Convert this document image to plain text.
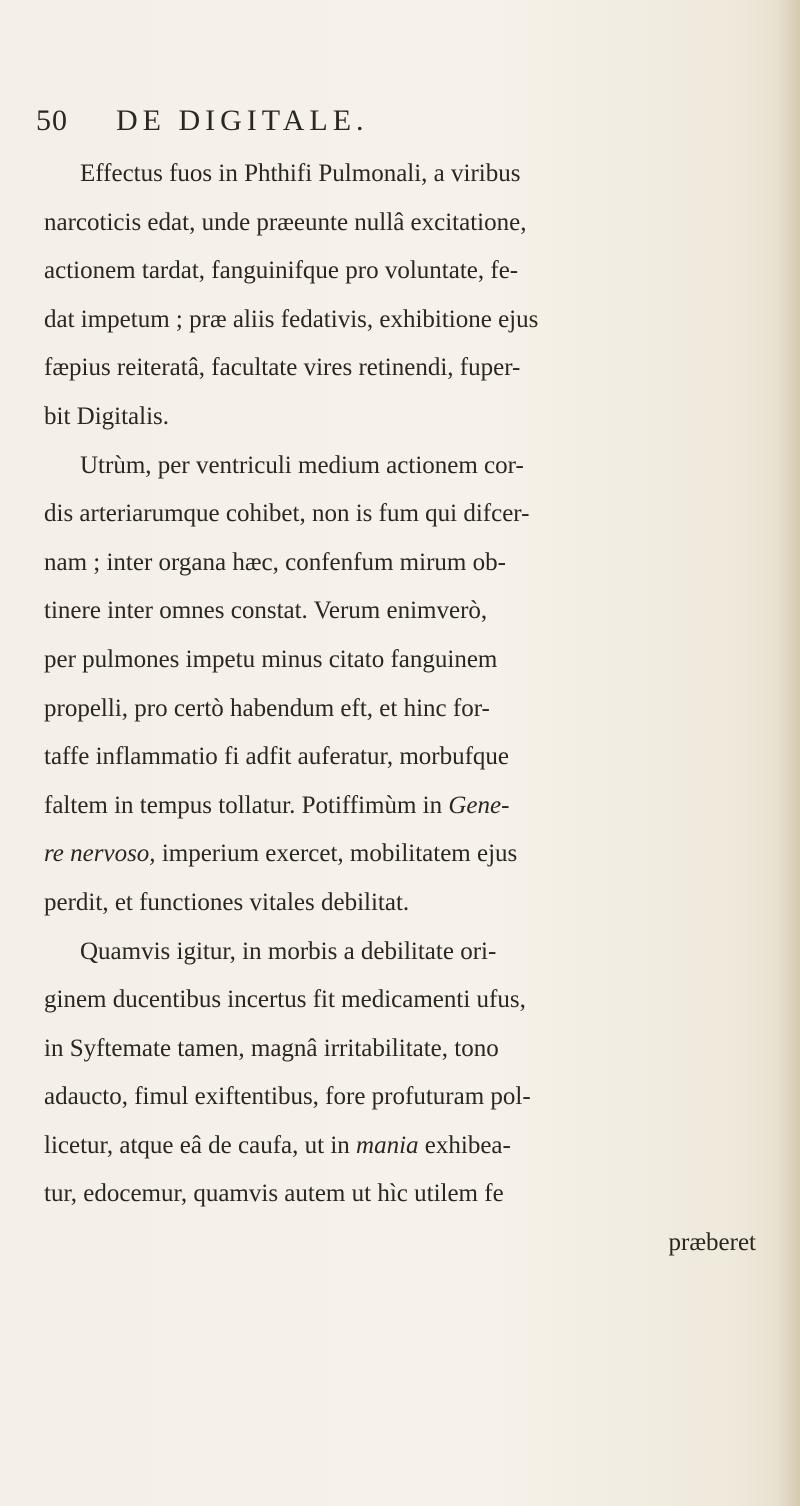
50 DE DIGITALE.
Effectus fuos in Phthifi Pulmonali, a viribus
narcoticis edat, unde præeunte nullâ excitatione,
actionem tardat, fanguinifque pro voluntate, fe-
dat impetum ; præ aliis fedativis, exhibitione ejus
fæpius reiteratâ, facultate vires retinendi, fuper-
bit Digitalis.
Utrùm, per ventriculi medium actionem cor-
dis arteriarumque cohibet, non is fum qui difcer-
nam ; inter organa hæc, confenfum mirum ob-
tinere inter omnes constat. Verum enimverò,
per pulmones impetu minus citato fanguinem
propelli, pro certò habendum eft, et hinc for-
taffe inflammatio fi adfit auferatur, morbufque
faltem in tempus tollatur. Potiffimùm in Gene-
re nervoso, imperium exercet, mobilitatem ejus
perdit, et functiones vitales debilitat.
Quamvis igitur, in morbis a debilitate ori-
ginem ducentibus incertus fit medicamenti ufus,
in Syftemate tamen, magnâ irritabilitate, tono
adaucto, fimul exiftentibus, fore profuturam pol-
licetur, atque eâ de caufa, ut in mania exhibea-
tur, edocemur, quamvis autem ut hìc utilem fe
præberet
